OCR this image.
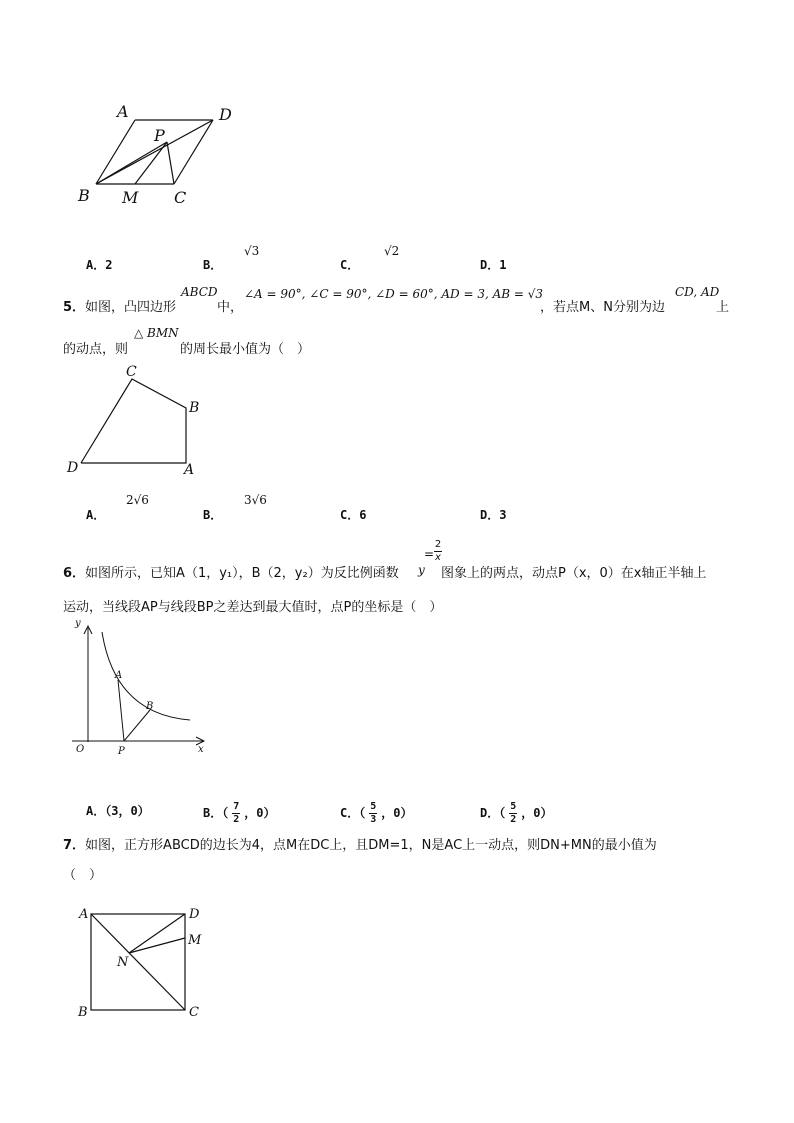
A	D
P
B M C
A．2	B．
√3
C．
√2
D．1
5．如图，凸四边形
ABCD
中，
∠A = 90°, ∠C = 90°, ∠D = 60°, AD = 3, AB = √3
，若点M、N分别为边
CD, AD
上
的动点，则
△ BMN
的周长最小值为（　）
C
B
D	A
A．
2√6
B．
3√6
C．6	D．3
6．如图所示，已知A（1，y₁），B（2，y₂）为反比例函数 y
= $\frac{2}{x}$
图象上的两点，动点P（x，0）在x轴正半轴上
运动，当线段AP与线段BP之差达到最大值时，点P的坐标是（　）
y
A
B
O	P	x
A．（3，0）	B．（ $\frac{7}{2}$ ，0）	C．（ $\frac{5}{3}$ ，0）	D．（ $\frac{5}{2}$ ，0）
7．如图，正方形ABCD的边长为4，点M在DC上，且DM=1，N是AC上一动点，则DN+MN的最小值为
（　）
A	D
M
N
B	C
